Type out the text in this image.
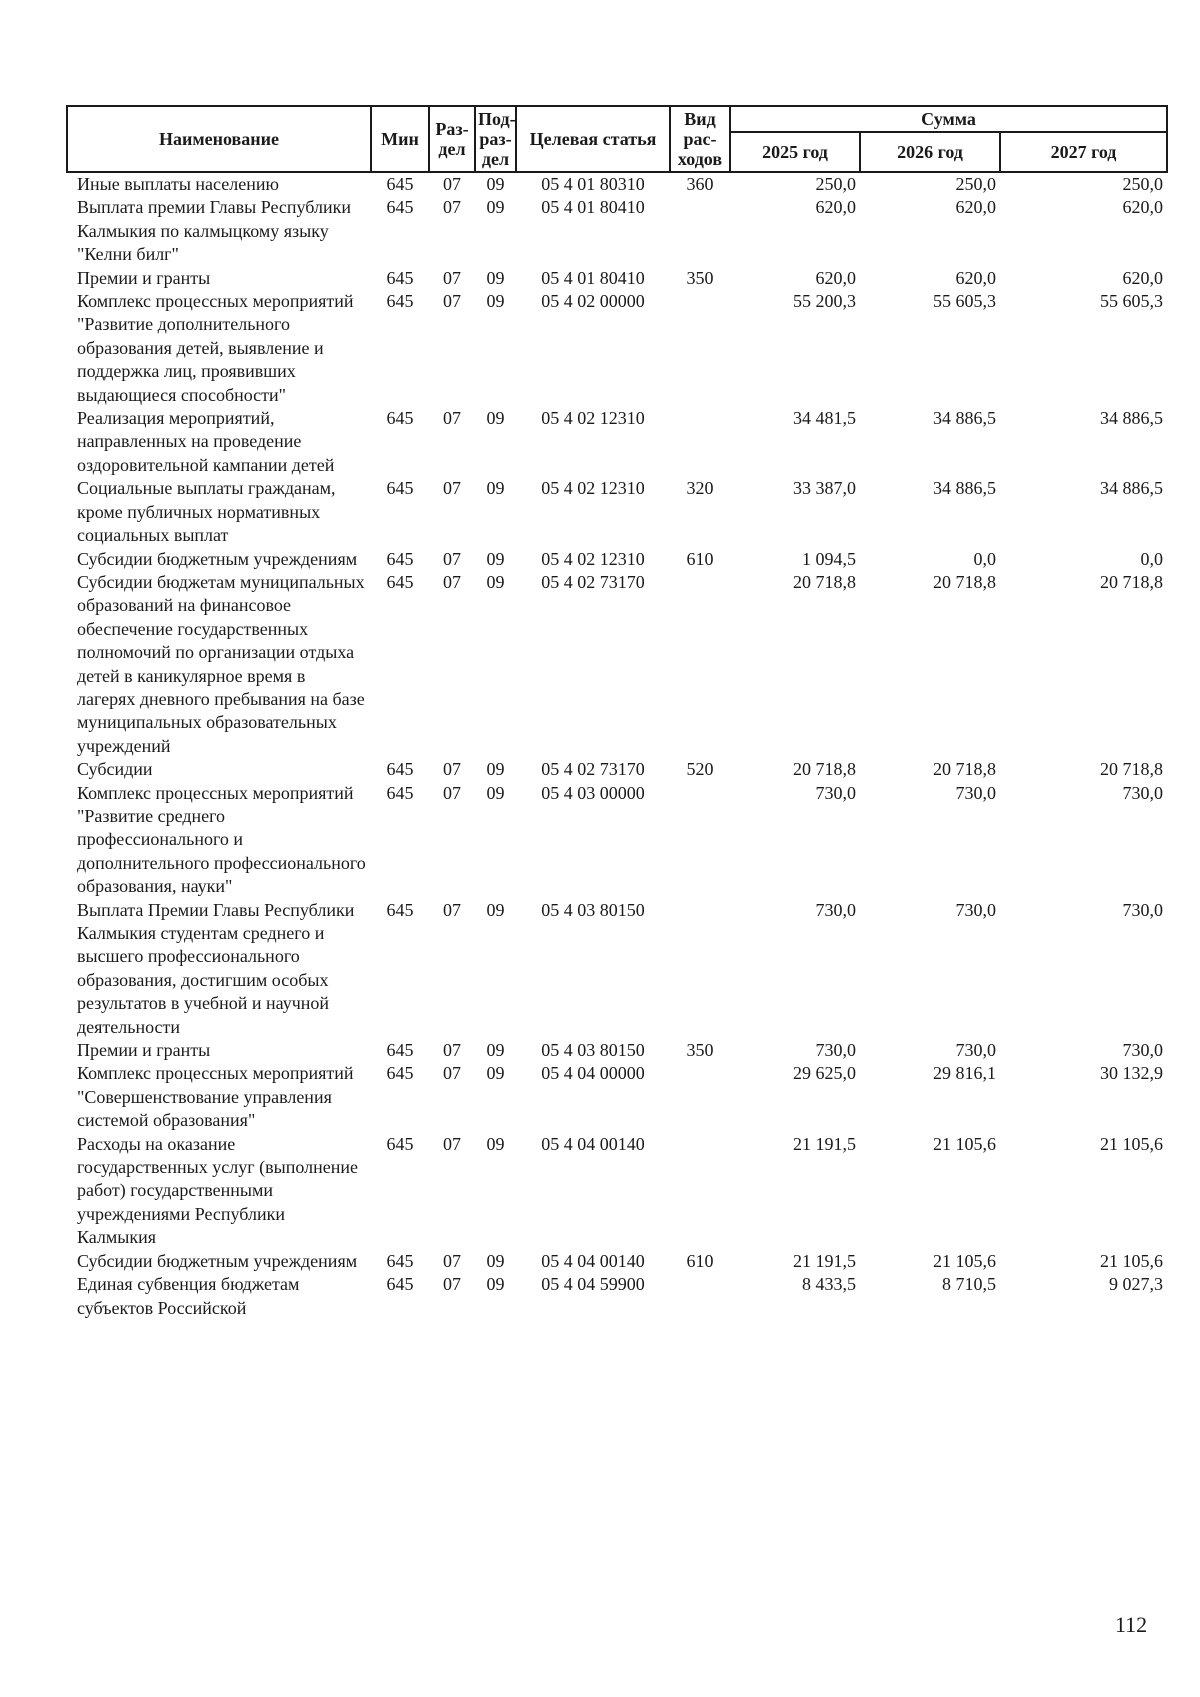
Наименование	Мин	Раз-дел	Под-раз-дел	Целевая статья	Вид рас-ходов	Сумма		
						2025 год	2026 год	2027 год
Иные выплаты населению	645	07	09	05 4 01 80310	360	250,0	250,0	250,0
Выплата премии Главы Республики Калмыкия по калмыцкому языку "Келни билг"	645	07	09	05 4 01 80410		620,0	620,0	620,0
Премии и гранты	645	07	09	05 4 01 80410	350	620,0	620,0	620,0
Комплекс процессных мероприятий "Развитие дополнительного образования детей, выявление и поддержка лиц, проявивших выдающиеся способности"	645	07	09	05 4 02 00000		55 200,3	55 605,3	55 605,3
Реализация мероприятий, направленных на проведение оздоровительной кампании детей	645	07	09	05 4 02 12310		34 481,5	34 886,5	34 886,5
Социальные выплаты гражданам, кроме публичных нормативных социальных выплат	645	07	09	05 4 02 12310	320	33 387,0	34 886,5	34 886,5
Субсидии бюджетным учреждениям	645	07	09	05 4 02 12310	610	1 094,5	0,0	0,0
Субсидии бюджетам муниципальных образований на финансовое обеспечение государственных полномочий по организации отдыха детей в каникулярное время в лагерях дневного пребывания на базе муниципальных образовательных учреждений	645	07	09	05 4 02 73170		20 718,8	20 718,8	20 718,8
Субсидии	645	07	09	05 4 02 73170	520	20 718,8	20 718,8	20 718,8
Комплекс процессных мероприятий "Развитие среднего профессионального и дополнительного профессионального образования, науки"	645	07	09	05 4 03 00000		730,0	730,0	730,0
Выплата Премии Главы Республики Калмыкия студентам среднего и высшего профессионального образования, достигшим особых результатов в учебной и научной деятельности	645	07	09	05 4 03 80150		730,0	730,0	730,0
Премии и гранты	645	07	09	05 4 03 80150	350	730,0	730,0	730,0
Комплекс процессных мероприятий "Совершенствование управления системой образования"	645	07	09	05 4 04 00000		29 625,0	29 816,1	30 132,9
Расходы на оказание государственных услуг (выполнение работ) государственными учреждениями Республики Калмыкия	645	07	09	05 4 04 00140		21 191,5	21 105,6	21 105,6
Субсидии бюджетным учреждениям	645	07	09	05 4 04 00140	610	21 191,5	21 105,6	21 105,6
Единая субвенция бюджетам субъектов Российской	645	07	09	05 4 04 59900		8 433,5	8 710,5	9 027,3
112
